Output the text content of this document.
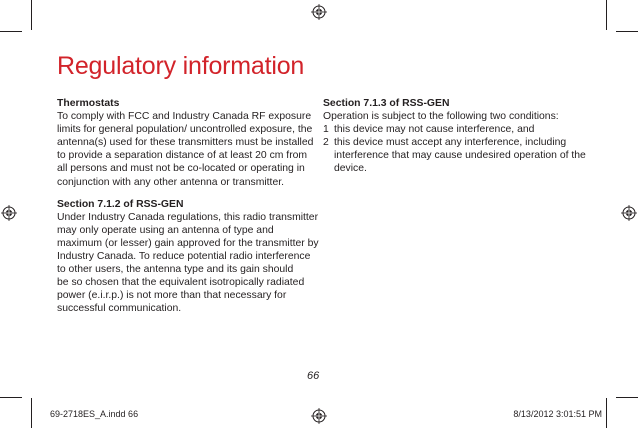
Regulatory information
Thermostats
To comply with FCC and Industry Canada RF exposure
limits for general population/ uncontrolled exposure, the
antenna(s) used for these transmitters must be installed
to provide a separation distance of at least 20 cm from
all persons and must not be co-located or operating in
conjunction with any other antenna or transmitter.
Section 7.1.2 of RSS-GEN
Under Industry Canada regulations, this radio transmitter
may only operate using an antenna of type and
maximum (or lesser) gain approved for the transmitter by
Industry Canada. To reduce potential radio interference
to other users, the antenna type and its gain should
be so chosen that the equivalent isotropically radiated
power (e.i.r.p.) is not more than that necessary for
successful communication.
Section 7.1.3 of RSS-GEN
Operation is subject to the following two conditions:
1 this device may not cause interference, and
2 this device must accept any interference, including
interference that may cause undesired operation of the
device.
66
69-2718ES_A.indd 66	8/13/2012 3:01:51 PM
